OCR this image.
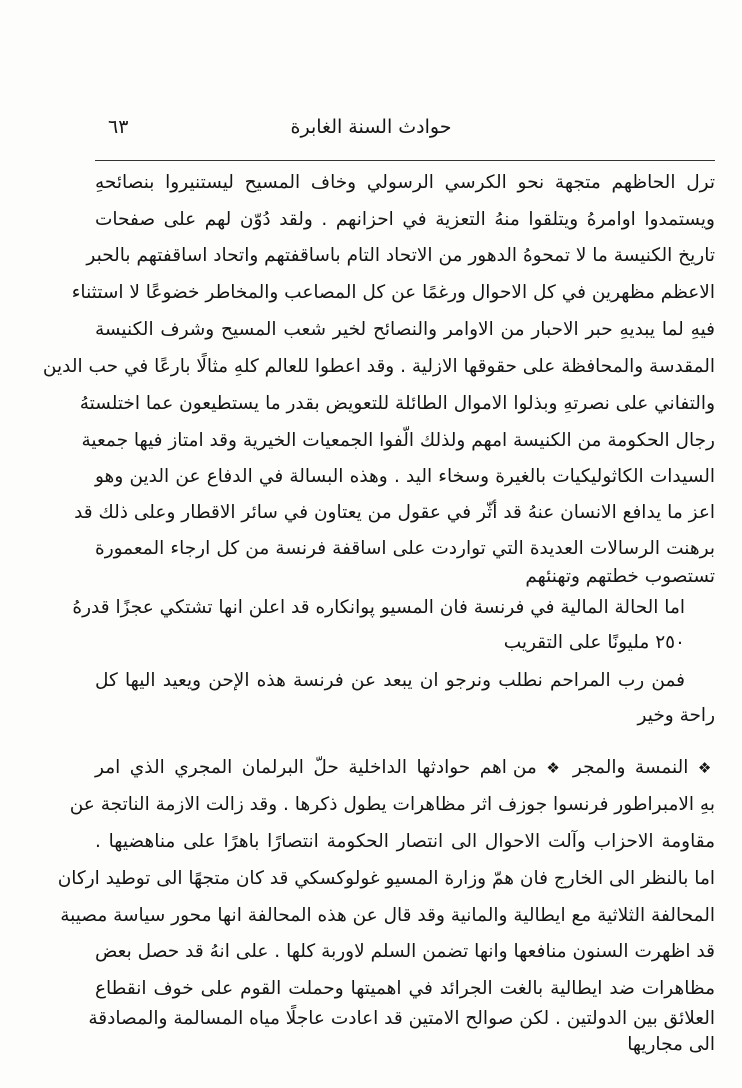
حوادث السنة الغابرة
٦٣
ترل الحاظهم متجهة نحو الكرسي الرسولي وخاف المسيح ليستنيروا بنصائحهِ
ويستمدوا اوامرهُ ويتلقوا منهُ التعزية في احزانهم . ولقد دُوّن لهم على صفحات
تاريخ الكنيسة ما لا تمحوهُ الدهور من الاتحاد التام باساقفتهم واتحاد اساقفتهم بالحبر
الاعظم مظهرين في كل الاحوال ورغمًا عن كل المصاعب والمخاطر خضوعًا لا استثناء
فيهِ لما يبديهِ حبر الاحبار من الاوامر والنصائح لخير شعب المسيح وشرف الكنيسة
المقدسة والمحافظة على حقوقها الازلية . وقد اعطوا للعالم كلهِ مثالًا بارعًا في حب الدين
والتفاني على نصرتهِ وبذلوا الاموال الطائلة للتعويض بقدر ما يستطيعون عما اختلستهُ
رجال الحكومة من الكنيسة امهم ولذلك الّفوا الجمعيات الخيرية وقد امتاز فيها جمعية
السيدات الكاثوليكيات بالغيرة وسخاء اليد . وهذه البسالة في الدفاع عن الدين وهو
اعز ما يدافع الانسان عنهُ قد أثّر في عقول من يعتاون في سائر الاقطار وعلى ذلك قد
برهنت الرسالات العديدة التي تواردت على اساقفة فرنسة من كل ارجاء المعمورة
تستصوب خطتهم وتهنئهم
اما الحالة المالية في فرنسة فان المسيو پوانكاره قد اعلن انها تشتكي عجزًا قدرهُ
٢٥٠ مليونًا على التقريب
فمن رب المراحم نطلب ونرجو ان يبعد عن فرنسة هذه الإحن ويعيد اليها كل
راحة وخير
❖ النمسة والمجر ❖ من اهم حوادثها الداخلية حلّ البرلمان المجري الذي امر
بهِ الامبراطور فرنسوا جوزف اثر مظاهرات يطول ذكرها . وقد زالت الازمة الناتجة عن
مقاومة الاحزاب وآلت الاحوال الى انتصار الحكومة انتصارًا باهرًا على مناهضيها .
اما بالنظر الى الخارج فان همّ وزارة المسيو غولوكسكي قد كان متجهًا الى توطيد اركان
المحالفة الثلاثية مع ايطالية والمانية وقد قال عن هذه المحالفة انها محور سياسة مصيبة
قد اظهرت السنون منافعها وانها تضمن السلم لاوربة كلها . على انهُ قد حصل بعض
مظاهرات ضد ايطالية بالغت الجرائد في اهميتها وحملت القوم على خوف انقطاع
العلائق بين الدولتين . لكن صوالح الامتين قد اعادت عاجلًا مياه المسالمة والمصادقة
الى مجاريها
